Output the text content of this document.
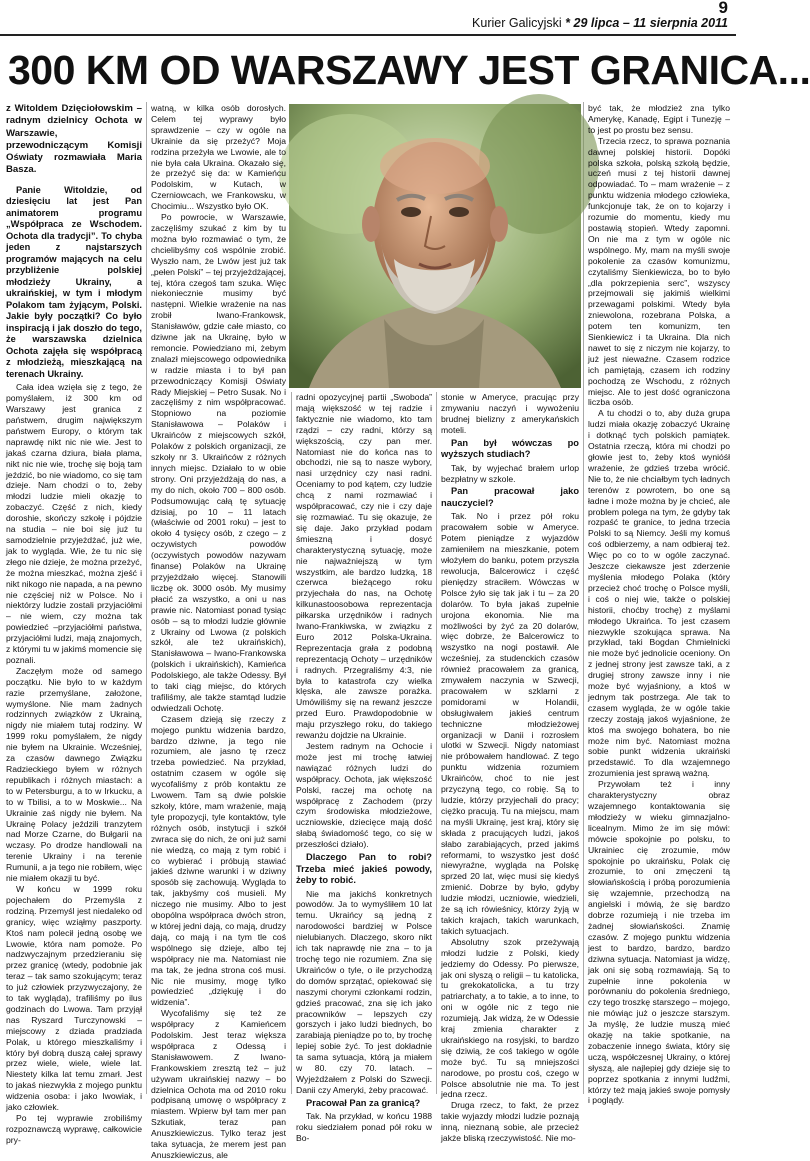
9
Kurier Galicyjski * 29 lipca – 11 sierpnia 2011
300 KM OD WARSZAWY JEST GRANICA...

z Witoldem Dzięciołowskim – radnym dzielnicy Ochota w Warszawie, przewodniczącym Komisji Oświaty rozmawiała Maria Basza.

Panie Witoldzie, od dziesięciu lat jest Pan animatorem programu „Współpraca ze Wschodem. Ochota dla tradycji”. To chyba jeden z najstarszych programów mających na celu przybliżenie polskiej młodzieży Ukrainy, a ukraińskiej, w tym i młodym Polakom tam żyjącym, Polski. Jakie były początki? Co było inspiracją i jak doszło do tego, że warszawska dzielnica Ochota zajęła się współpracą z młodzieżą, mieszkającą na terenach Ukrainy.

Cała idea wzięła się z tego, że pomyślałem, iż 300 km od Warszawy jest granica z państwem, drugim największym państwem Europy, o którym tak naprawdę nikt nic nie wie. Jest to jakaś czarna dziura, biała plama, nikt nic nie wie, trochę się boją tam jeździć, bo nie wiadomo, co się tam dzieje. Nam chodzi o to, żeby młodzi ludzie mieli okazję to zobaczyć. Część z nich, kiedy doroshie, skończy szkołę i pójdzie na studia – nie boi się już tu samodzielnie przyjeżdżać, już wie, jak to wygląda. Wie, że tu nic się złego nie dzieje, że można przeżyć, że można mieszkać, można zjeść i nikt nikogo nie napada, a na pewno nie częściej niż w Polsce. No i niektórzy ludzie zostali przyjaciółmi – nie wiem, czy można tak powiedzieć –przyjaciółmi państwa, przyjaciółmi ludzi, mają znajomych, z którymi tu w jakimś momencie się poznali.

Zaczęłym może od samego początku. Nie było to w każdym razie przemyślane, założone, wymyślone. Nie mam żadnych rodzinnych związków z Ukrainą, nigdy nie miałem tutaj rodziny. W 1999 roku pomyślałem, że nigdy nie byłem na Ukrainie. Wcześniej, za czasów dawnego Związku Radzieckiego byłem w różnych republikach i różnych miastach: a to w Petersburgu, a to w Irkucku, a to w Tbilisi, a to w Moskwie... Na Ukrainie zaś nigdy nie byłem. Na Ukrainę Polacy jeździli tranzytem nad Morze Czarne, do Bułgarii na wczasy. Po drodze handlowali na terenie Ukrainy i na terenie Rumunii, a ja tego nie robiłem, więc nie miałem okazji tu być.

W końcu w 1999 roku pojechałem do Przemyśla z rodziną. Przemyśl jest niedaleko od granicy, więc wziąłmy paszporty. Ktoś nam polecił jedną osobę we Lwowie, która nam pomoże. Po nadzwyczajnym przedzieraniu się przez granicę (wtedy, podobnie jak teraz – tak samo szokującym; teraz to już człowiek przyzwyczajony, że to tak wygląda), trafiliśmy po ilus godzinach do Lwowa. Tam przyjął nas Ryszard Turczynowski – miejscowy z dziada pradziada Polak, u którego mieszkaliśmy i który był dobrą duszą całej sprawy przez wiele, wiele, wiele lat. Niestety kilka lat temu zmarł. Jest to jakaś niezwykła z mojego punktu widzenia osoba: i jako Iwowiak, i jako człowiek.

Po tej wyprawie zrobiliśmy rozpoznawczą wyprawę, całkowicie pry-

watną, w kilka osób dorosłych. Celem tej wyprawy było sprawdzenie – czy w ogóle na Ukrainie da się przeżyć? Moja rodzina przeżyła we Lwowie, ale to nie była cała Ukraina. Okazało się, że przeżyć się da: w Kamieńcu Podolskim, w Kutach, w Czerniowcach, we Frankowsku, w Chocimiu... Wszystko było OK.

Po powrocie, w Warszawie, zaczęliśmy szukać z kim by tu można było rozmawiać o tym, że chcielibyśmy coś wspólnie zrobić. Wyszło nam, że Lwów jest już tak „pełen Polski” – tej przyjeżdżającej, tej, która czegoś tam szuka. Więc niekoniecznie musimy być następni. Wielkie wrażenie na nas zrobił Iwano-Frankowsk, Stanisławów, gdzie całe miasto, co dziwne jak na Ukrainę, było w remoncie. Powiedziano mi, żebym znalazł miejscowego odpowiednika w radzie miasta i to był pan przewodniczący Komisji Oświaty Rady Miejskiej – Petro Susak. No i zaczęliśmy z nim współpracować. Stopniowo na poziomie Stanisławowa – Polaków i Ukraińców z miejscowych szkół, Polaków z polskich organizacji, ze szkoły nr 3. Ukraińców z różnych innych miejsc. Działało to w obie strony. Oni przyjeżdżają do nas, a my do nich, około 700 – 800 osób. Podsumowując całą tę sytuację dzisiaj, po 10 – 11 latach (właściwie od 2001 roku) – jest to około 4 tysięcy osób, z czego – z oczywistych powodów (oczywistych powodów nazywam finanse) Polaków na Ukrainę przyjeżdżało więcej. Stanowili liczbę ok. 3000 osób. My musimy płacić za wszystko, a oni u nas prawie nic. Natomiast ponad tysiąc osób – są to młodzi ludzie głównie z Ukrainy od Lwowa (z polskich szkół, ale też ukraińskich), Stanisławowa – Iwano-Frankowska (polskich i ukraińskich), Kamieńca Podolskiego, ale także Odessy. Był to taki ciąg miejsc, do których trafiliśmy, ale także stamtąd ludzie odwiedzali Ochotę.

Czasem dzieją się rzeczy z mojego punktu widzenia bardzo, bardzo dziwne, ja tego nie rozumiem, ale jasno tę rzecz trzeba powiedzieć. Na przykład, ostatnim czasem w ogóle się wycofaliśmy z prób kontaktu ze Lwowem. Tam są dwie polskie szkoły, które, mam wrażenie, mają tyle propozycji, tyle kontaktów, tyle różnych osób, instytucji i szkół zwraca się do nich, że oni już sami nie wiedzą, co mają z tym robić i co wybierać i próbują stawiać jakieś dziwne warunki i w dziwny sposób się zachowują. Wygląda to tak, jakbyśmy coś musieli. My niczego nie musimy. Albo to jest obopólna współpraca dwóch stron, w której jedni dają, co mają, drudzy dają, co mają i na tym tle coś wspólnego się dzieje, albo tej współpracy nie ma. Natomiast nie ma tak, że jedna strona coś musi. Nic nie musimy, mogę tylko powiedzieć „dziękuję i do widzenia”.

Wycofaliśmy się też ze współpracy z Kamieńcem Podolskim. Jest teraz większa współpraca z Odessą i Stanisławowem. Z Iwano-Frankowskiem zresztą też – już używam ukraińskiej nazwy – bo dzielnica Ochota ma od 2010 roku podpisaną umowę o współpracy z miastem. Wpierw był tam mer pan Szkutiak, teraz pan Anuszkiewiczus. Tylko teraz jest taka sytuacja, że merem jest pan Anuszkiewiczus, ale

radni opozycyjnej partii „Swoboda” mają większość w tej radzie i faktycznie nie wiadomo, kto tam rządzi – czy radni, którzy są większością, czy pan mer. Natomiast nie do końca nas to obchodzi, nie są to nasze wybory, nasi urzędnicy czy nasi radni. Oceniamy to pod kątem, czy ludzie chcą z nami rozmawiać i współpracować, czy nie i czy daje się rozmawiać. Tu się okazuje, że się daje. Jako przykład podam śmieszną i dosyć charakterystyczną sytuację, może nie najważniejszą w tym wszystkim, ale bardzo ludzką, 18 czerwca bieżącego roku przyjechała do nas, na Ochotę kilkunastoosobowa reprezentacja piłkarska urzędników i radnych Iwano-Frankiwska, w związku z Euro 2012 Polska-Ukraina. Reprezentacja grała z podobną reprezentacją Ochoty – urzędników i radnych. Przegraliśmy 4:3, nie była to katastrofa czy wielka klęska, ale zawsze porażka. Umówiliśmy się na rewanż jeszcze przed Euro. Prawdopodobnie w maju przyszłego roku, do takiego rewanżu dojdzie na Ukrainie.

Jestem radnym na Ochocie i może jest mi trochę łatwiej nawiązać różnych ludzi do współpracy. Ochota, jak większość Polski, raczej ma ochotę na współpracę z Zachodem (przy czym środowiska młodzieżowe, uczniowskie, dziecięce mają dość słabą świadomość tego, co się w przeszłości działo).

Dlaczego Pan to robi? Trzeba mieć jakieś powody, żeby to robić.

Nie ma jakichś konkretnych powodów. Ja to wymyśliłem 10 lat temu. Ukraińcy są jedną z narodowości bardziej w Polsce nielubianych. Dlaczego, skoro nikt ich tak naprawdę nie zna – to ja trochę tego nie rozumiem. Zna się Ukraińców o tyle, o ile przychodzą do domów sprzątać, opiekować się naszymi chorymi członkami rodzin, gdzieś pracować, zna się ich jako pracowników – lepszych czy gorszych i jako ludzi biednych, bo zarabiają pieniądze po to, by trochę lepiej sobie żyć. To jest dokładnie ta sama sytuacja, którą ja miałem w 80. czy 70. latach. – Wyjeżdżałem z Polski do Szwecji. Danii czy Ameryki, żeby pracować.

Pracował Pan za granicą?

Tak. Na przykład, w końcu 1988 roku siedziałem ponad pół roku w Bo-

stonie w Ameryce, pracując przy zmywaniu naczyń i wywożeniu brudnej bielizny z amerykańskich moteli.

Pan był wówczas po wyższych studiach?

Tak, by wyjechać brałem urlop bezpłatny w szkole.

Pan pracował jako nauczyciel?

Tak. No i przez pół roku pracowałem sobie w Ameryce. Potem pieniądze z wyjazdów zamieniłem na mieszkanie, potem włożyłem do banku, potem przyszła rewolucja, Balcerowicz i część pieniędzy straciłem. Wówczas w Polsce żyło się tak jak i tu – za 20 dolarów. To była jakaś zupełnie urojona ekonomia. Nie ma możliwości by żyć za 20 dolarów, więc dobrze, że Balcerowicz to wszystko na nogi postawił. Ale wcześniej, za studenckich czasów również pracowałem za granicą, zmywałem naczynia w Szwecji, pracowałem w szklarni z pomidorami w Holandii, obsługiwałem jakieś centrum techniczne młodzieżowej organizacji w Danii i rozrosłem ulotki w Szwecji. Nigdy natomiast nie próbowałem handlować. Z tego punktu widzenia rozumiem Ukraińców, choć to nie jest przyczyną tego, co robię. Są to ludzie, którzy przyjechali do pracy; ciężko pracują. Tu na miejscu, mam na myśli Ukrainę, jest kraj, który się składa z pracujących ludzi, jakoś słabo zarabiających, przed jakimś reformami, to wszystko jest dość niewyraźne, wygląda na Polskę sprzed 20 lat, więc musi się kiedyś zmienić. Dobrze by było, gdyby ludzie młodzi, uczniowie, wiedzieli, że są ich rówieśnicy, którzy żyją w takich krajach, takich warunkach, takich sytuacjach.

Absolutny szok przeżywają młodzi ludzie z Polski, kiedy jedziemy do Odessy. Po pierwsze, jak oni slyszą o religii – tu katolicka, tu grekokatolicka, a tu trzy patriarchaty, a to takie, a to inne, to oni w ogóle nic z tego nie rozumieją. Jak widzą, że w Odessie kraj zmienia charakter z ukraińskiego na rosyjski, to bardzo się dziwią, że coś takiego w ogóle może być. Tu są mniejszości narodowe, po prostu coś, czego w Polsce absolutnie nie ma. To jest jedna rzecz.

Druga rzecz, to fakt, że przez takie wyjazdy młodzi ludzie poznają inną, nieznaną sobie, ale przecież jakże bliską rzeczywistość. Nie mo-

być tak, że młodzież zna tylko Amerykę, Kanadę, Egipt i Tunezję – to jest po prostu bez sensu.

Trzecia rzecz, to sprawa poznania dawnej polskiej historii. Dopóki polska szkoła, polską szkołą będzie, uczeń musi z tej historii dawnej odpowiadać. To – mam wrażenie – z punktu widzenia młodego człowieka, funkcjonuje tak, że on to kojarzy i rozumie do momentu, kiedy mu postawią stopień. Wtedy zapomni. On nie ma z tym w ogóle nic wspólnego. My, mam na myśli swoje pokolenie za czasów komunizmu, czytaliśmy Sienkiewicza, bo to było „dla pokrzepienia serc”, wszyscy przejmowali się jakimiś wielkimi przewagami polskimi. Wtedy była zniewolona, rozebrana Polska, a potem ten komunizm, ten Sienkiewicz i ta Ukraina. Dla nich nawet to się z niczym nie kojarzy, to już jest niewaźne. Czasem rodzice ich pamiętają, czasem ich rodziny pochodzą ze Wschodu, z różnych miejsc. Ale to jest dość ograniczona liczba osób.

A tu chodzi o to, aby duża grupa ludzi miała okazję zobaczyć Ukrainę i dotknąć tych polskich pamiątek. Ostatnia rzeczą, która mi chodzi po głowie jest to, żeby ktoś wynióśł wrażenie, że gdzieś trzeba wrócić. Nie to, że nie chciałbym tych ładnych terenów z powrotem, bo one są ładne i może można by je chcieć, ale problem polega na tym, że gdyby tak rozpaść te granice, to jedna trzecia Polski to są Niemcy. Jeśli my komuś coś odbierzemy, a nam odbieraj też. Więc po co to w ogóle zaczynać. Jeszcze ciekawsze jest zderzenie myślenia młodego Polaka (który przecież choć trochę o Polsce myśli, i coś o niej wie, także o polskiej historii, choćby trochę) z myślami młodego Ukraińca. To jest czasem niezwykle szokująca sprawa. Na przykład, taki Bogdan Chmielnicki nie może być jednolicie oceniony. On z jednej strony jest zawsze taki, a z drugiej strony zawsze inny i nie może być wyjaśniony, a ktoś w jednym tak postrzega. Ale tak to czasem wygląda, że w ogóle takie rzeczy zostają jakoś wyjaśnione, że ktoś ma swojego bohatera, bo nie może nim być. Natomiast można sobie punkt widzenia ukraiński przedstawić. To dla wzajemnego zrozumienia jest sprawą ważną.

Przywołam też i inny charakterystyczny obraz wzajemnego kontaktowania się młodzieży w wieku gimnazjalno-licealnym. Mimo że im się mówi: mówcie spokojnie po polsku, to Ukrainiec cię zrozumie, mów spokojnie po ukraińsku, Polak cię zrozumie, to oni zmęczeni tą słowiańskością i próbą porozumienia się wzajemnie, przechodzą na angielski i mówią, że się bardzo dobrze rozumieją i nie trzeba im żadnej słowiańskości. Znamię czasów. Z mojego punktu widzenia jest to bardzo, bardzo, bardzo dziwna sytuacja. Natomiast ja widzę, jak oni się sobą rozmawiają. Są to zupełnie inne pokolenia w porównaniu do pokolenia średniego, czy tego troszkę starszego – mojego, nie mówiąc już o jeszcze starszym. Ja myślę, że ludzie muszą mieć okazję na takie spotkanie, na zobaczenie innego świata, który się uczą, współczesnej Ukrainy, o której słyszą, ale najlepiej gdy dzieje się to poprzez spotkania z innymi ludźmi, którzy też mają jakieś swoje pomysły i poglądy.
